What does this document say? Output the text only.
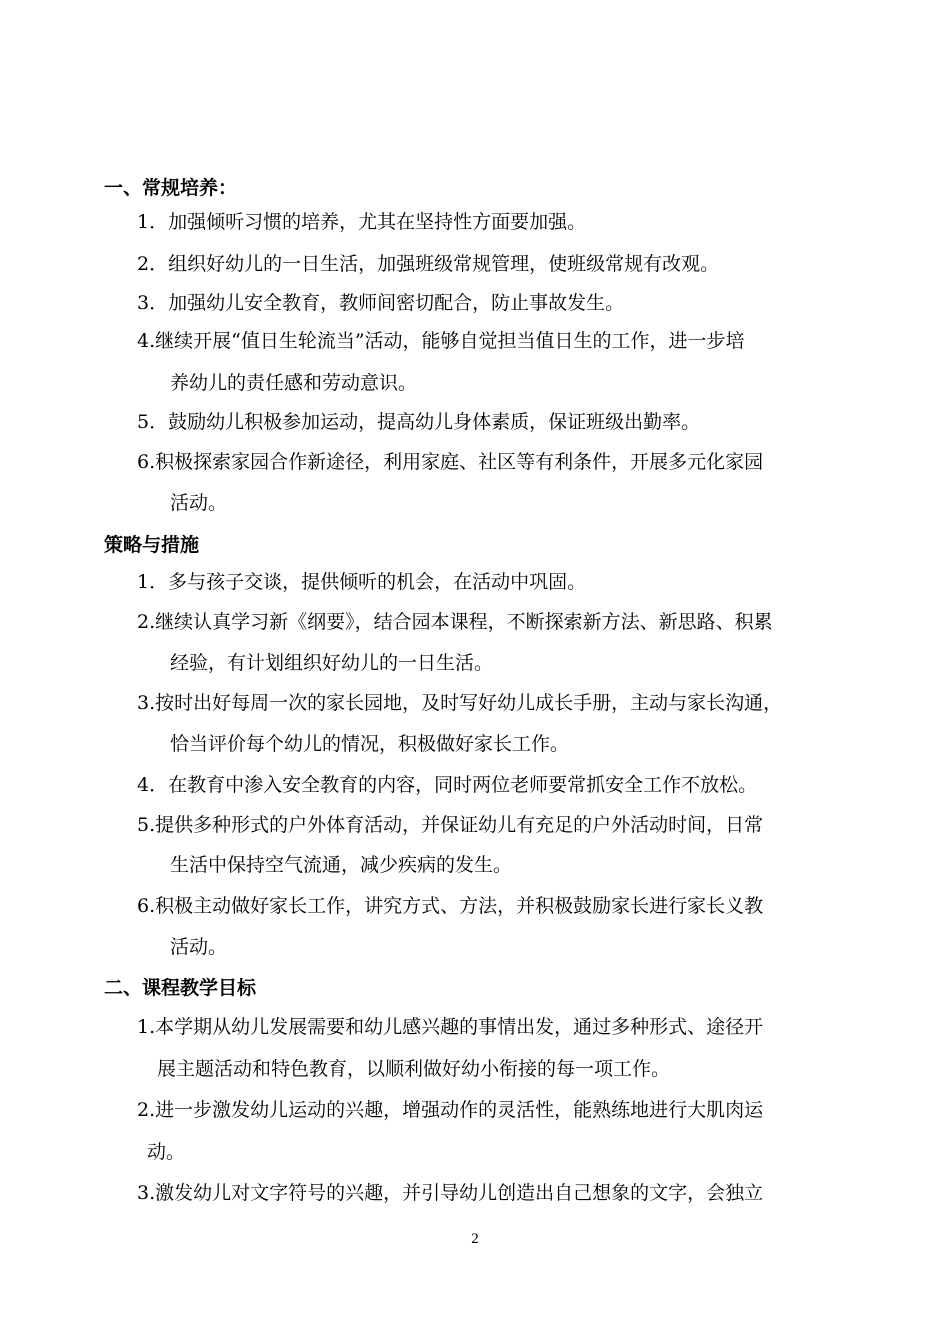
一、常规培养：
1．加强倾听习惯的培养，尤其在坚持性方面要加强。
2．组织好幼儿的一日生活，加强班级常规管理，使班级常规有改观。
3．加强幼儿安全教育，教师间密切配合，防止事故发生。
4.继续开展“值日生轮流当”活动，能够自觉担当值日生的工作，进一步培
养幼儿的责任感和劳动意识。
5．鼓励幼儿积极参加运动，提高幼儿身体素质，保证班级出勤率。
6.积极探索家园合作新途径，利用家庭、社区等有利条件，开展多元化家园
活动。
策略与措施
1．多与孩子交谈，提供倾听的机会，在活动中巩固。
2.继续认真学习新《纲要》，结合园本课程，不断探索新方法、新思路、积累
经验，有计划组织好幼儿的一日生活。
3.按时出好每周一次的家长园地，及时写好幼儿成长手册，主动与家长沟通，
恰当评价每个幼儿的情况，积极做好家长工作。
4．在教育中渗入安全教育的内容，同时两位老师要常抓安全工作不放松。
5.提供多种形式的户外体育活动，并保证幼儿有充足的户外活动时间，日常
生活中保持空气流通，减少疾病的发生。
6.积极主动做好家长工作，讲究方式、方法，并积极鼓励家长进行家长义教
活动。
二、课程教学目标
1.本学期从幼儿发展需要和幼儿感兴趣的事情出发，通过多种形式、途径开
展主题活动和特色教育，以顺利做好幼小衔接的每一项工作。
2.进一步激发幼儿运动的兴趣，增强动作的灵活性，能熟练地进行大肌肉运
动。
3.激发幼儿对文字符号的兴趣，并引导幼儿创造出自己想象的文字，会独立
2
